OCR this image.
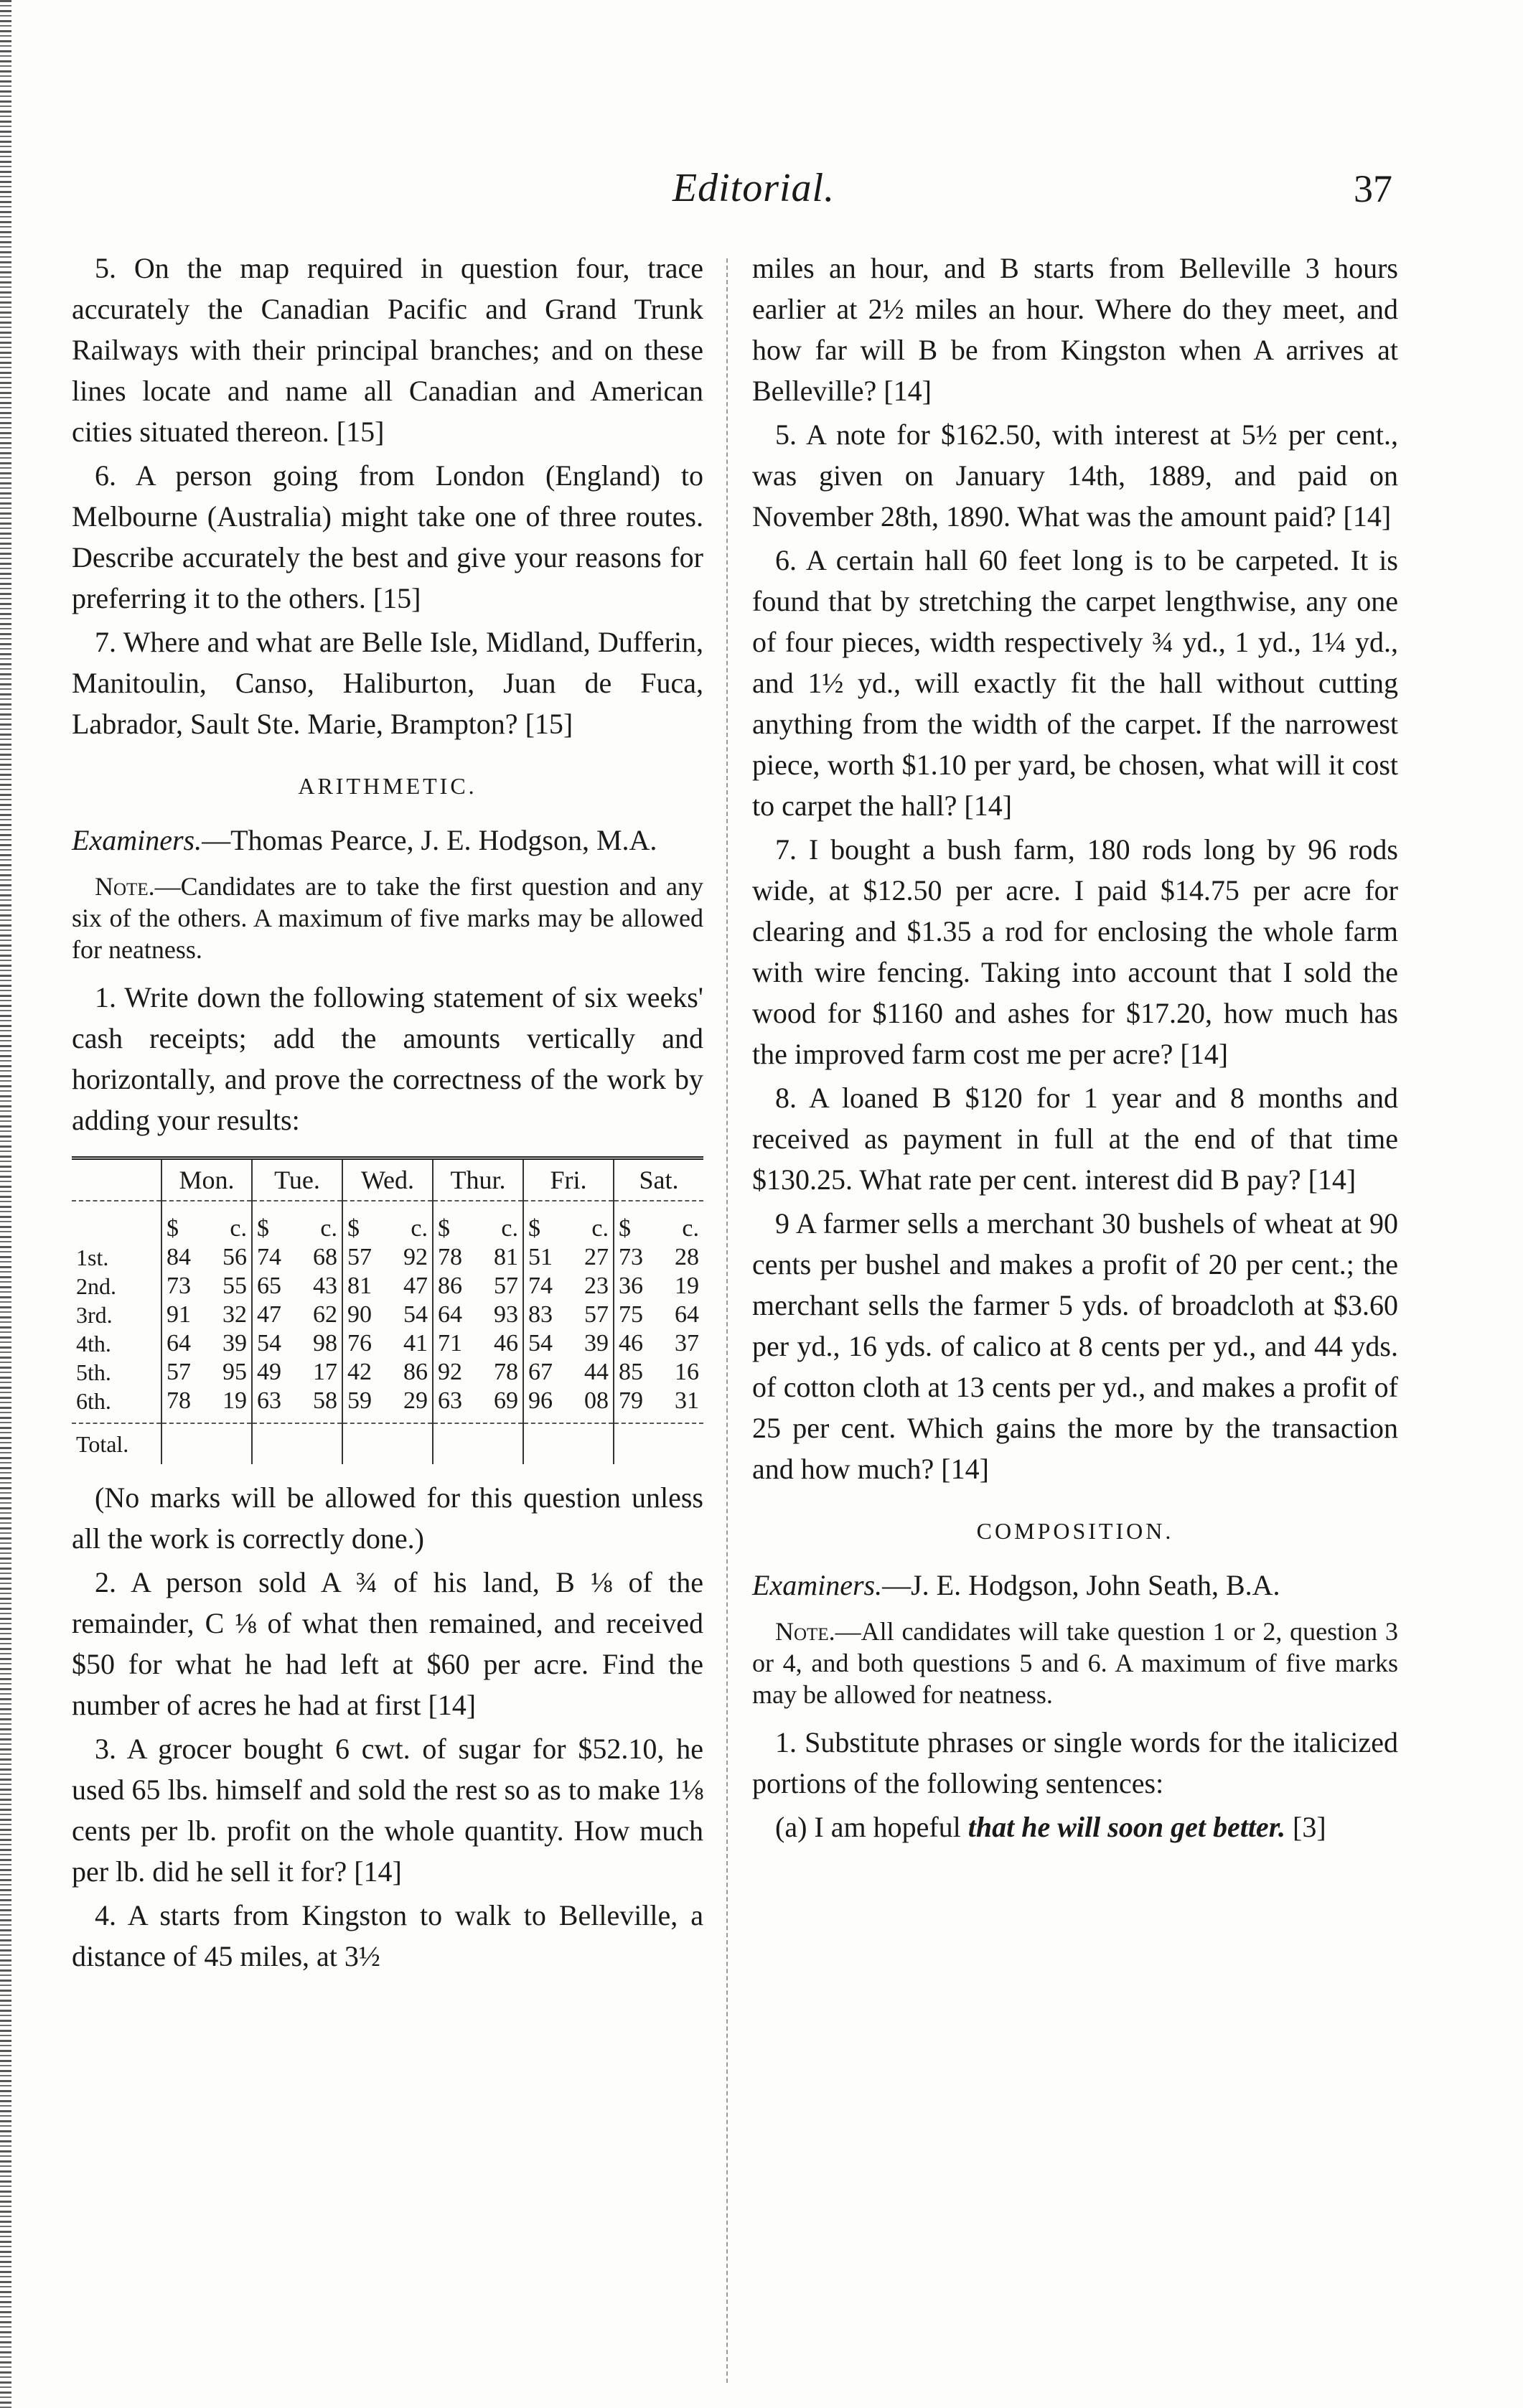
Editorial.	37

5. On the map required in question four, trace accurately the Canadian Pacific and Grand Trunk Railways with their principal branches; and on these lines locate and name all Canadian and American cities situated thereon. [15]

6. A person going from London (England) to Melbourne (Australia) might take one of three routes. Describe accurately the best and give your reasons for preferring it to the others. [15]

7. Where and what are Belle Isle, Midland, Dufferin, Manitoulin, Canso, Haliburton, Juan de Fuca, Labrador, Sault Ste. Marie, Brampton? [15]

ARITHMETIC.

Examiners.—Thomas Pearce, J. E. Hodgson, M.A.

Note.—Candidates are to take the first question and any six of the others. A maximum of five marks may be allowed for neatness.

1. Write down the following statement of six weeks' cash receipts; add the amounts vertically and horizontally, and prove the correctness of the work by adding your results:

	Mon.	Tue.	Wed.	Thur.	Fri.	Sat.
	$ c.	$ c.	$ c.	$ c.	$ c.	$ c.
1st.	84 56	74 68	57 92	78 81	51 27	73 28
2nd.	73 55	65 43	81 47	86 57	74 23	36 19
3rd.	91 32	47 62	90 54	64 93	83 57	75 64
4th.	64 39	54 98	76 41	71 46	54 39	46 37
5th.	57 95	49 17	42 86	92 78	67 44	85 16
6th.	78 19	63 58	59 29	63 69	96 08	79 31
Total.						

(No marks will be allowed for this question unless all the work is correctly done.)

2. A person sold A ¾ of his land, B ⅛ of the remainder, C ⅛ of what then remained, and received $50 for what he had left at $60 per acre. Find the number of acres he had at first [14]

3. A grocer bought 6 cwt. of sugar for $52.10, he used 65 lbs. himself and sold the rest so as to make 1⅛ cents per lb. profit on the whole quantity. How much per lb. did he sell it for? [14]

4. A starts from Kingston to walk to Belleville, a distance of 45 miles, at 3½

miles an hour, and B starts from Belleville 3 hours earlier at 2½ miles an hour. Where do they meet, and how far will B be from Kingston when A arrives at Belleville? [14]

5. A note for $162.50, with interest at 5½ per cent., was given on January 14th, 1889, and paid on November 28th, 1890. What was the amount paid? [14]

6. A certain hall 60 feet long is to be carpeted. It is found that by stretching the carpet lengthwise, any one of four pieces, width respectively ¾ yd., 1 yd., 1¼ yd., and 1½ yd., will exactly fit the hall without cutting anything from the width of the carpet. If the narrowest piece, worth $1.10 per yard, be chosen, what will it cost to carpet the hall? [14]

7. I bought a bush farm, 180 rods long by 96 rods wide, at $12.50 per acre. I paid $14.75 per acre for clearing and $1.35 a rod for enclosing the whole farm with wire fencing. Taking into account that I sold the wood for $1160 and ashes for $17.20, how much has the improved farm cost me per acre? [14]

8. A loaned B $120 for 1 year and 8 months and received as payment in full at the end of that time $130.25. What rate per cent. interest did B pay? [14]

9 A farmer sells a merchant 30 bushels of wheat at 90 cents per bushel and makes a profit of 20 per cent.; the merchant sells the farmer 5 yds. of broadcloth at $3.60 per yd., 16 yds. of calico at 8 cents per yd., and 44 yds. of cotton cloth at 13 cents per yd., and makes a profit of 25 per cent. Which gains the more by the transaction and how much? [14]

COMPOSITION.

Examiners.—J. E. Hodgson, John Seath, B.A.

Note.—All candidates will take question 1 or 2, question 3 or 4, and both questions 5 and 6. A maximum of five marks may be allowed for neatness.

1. Substitute phrases or single words for the italicized portions of the following sentences:

(a) I am hopeful that he will soon get better. [3]
